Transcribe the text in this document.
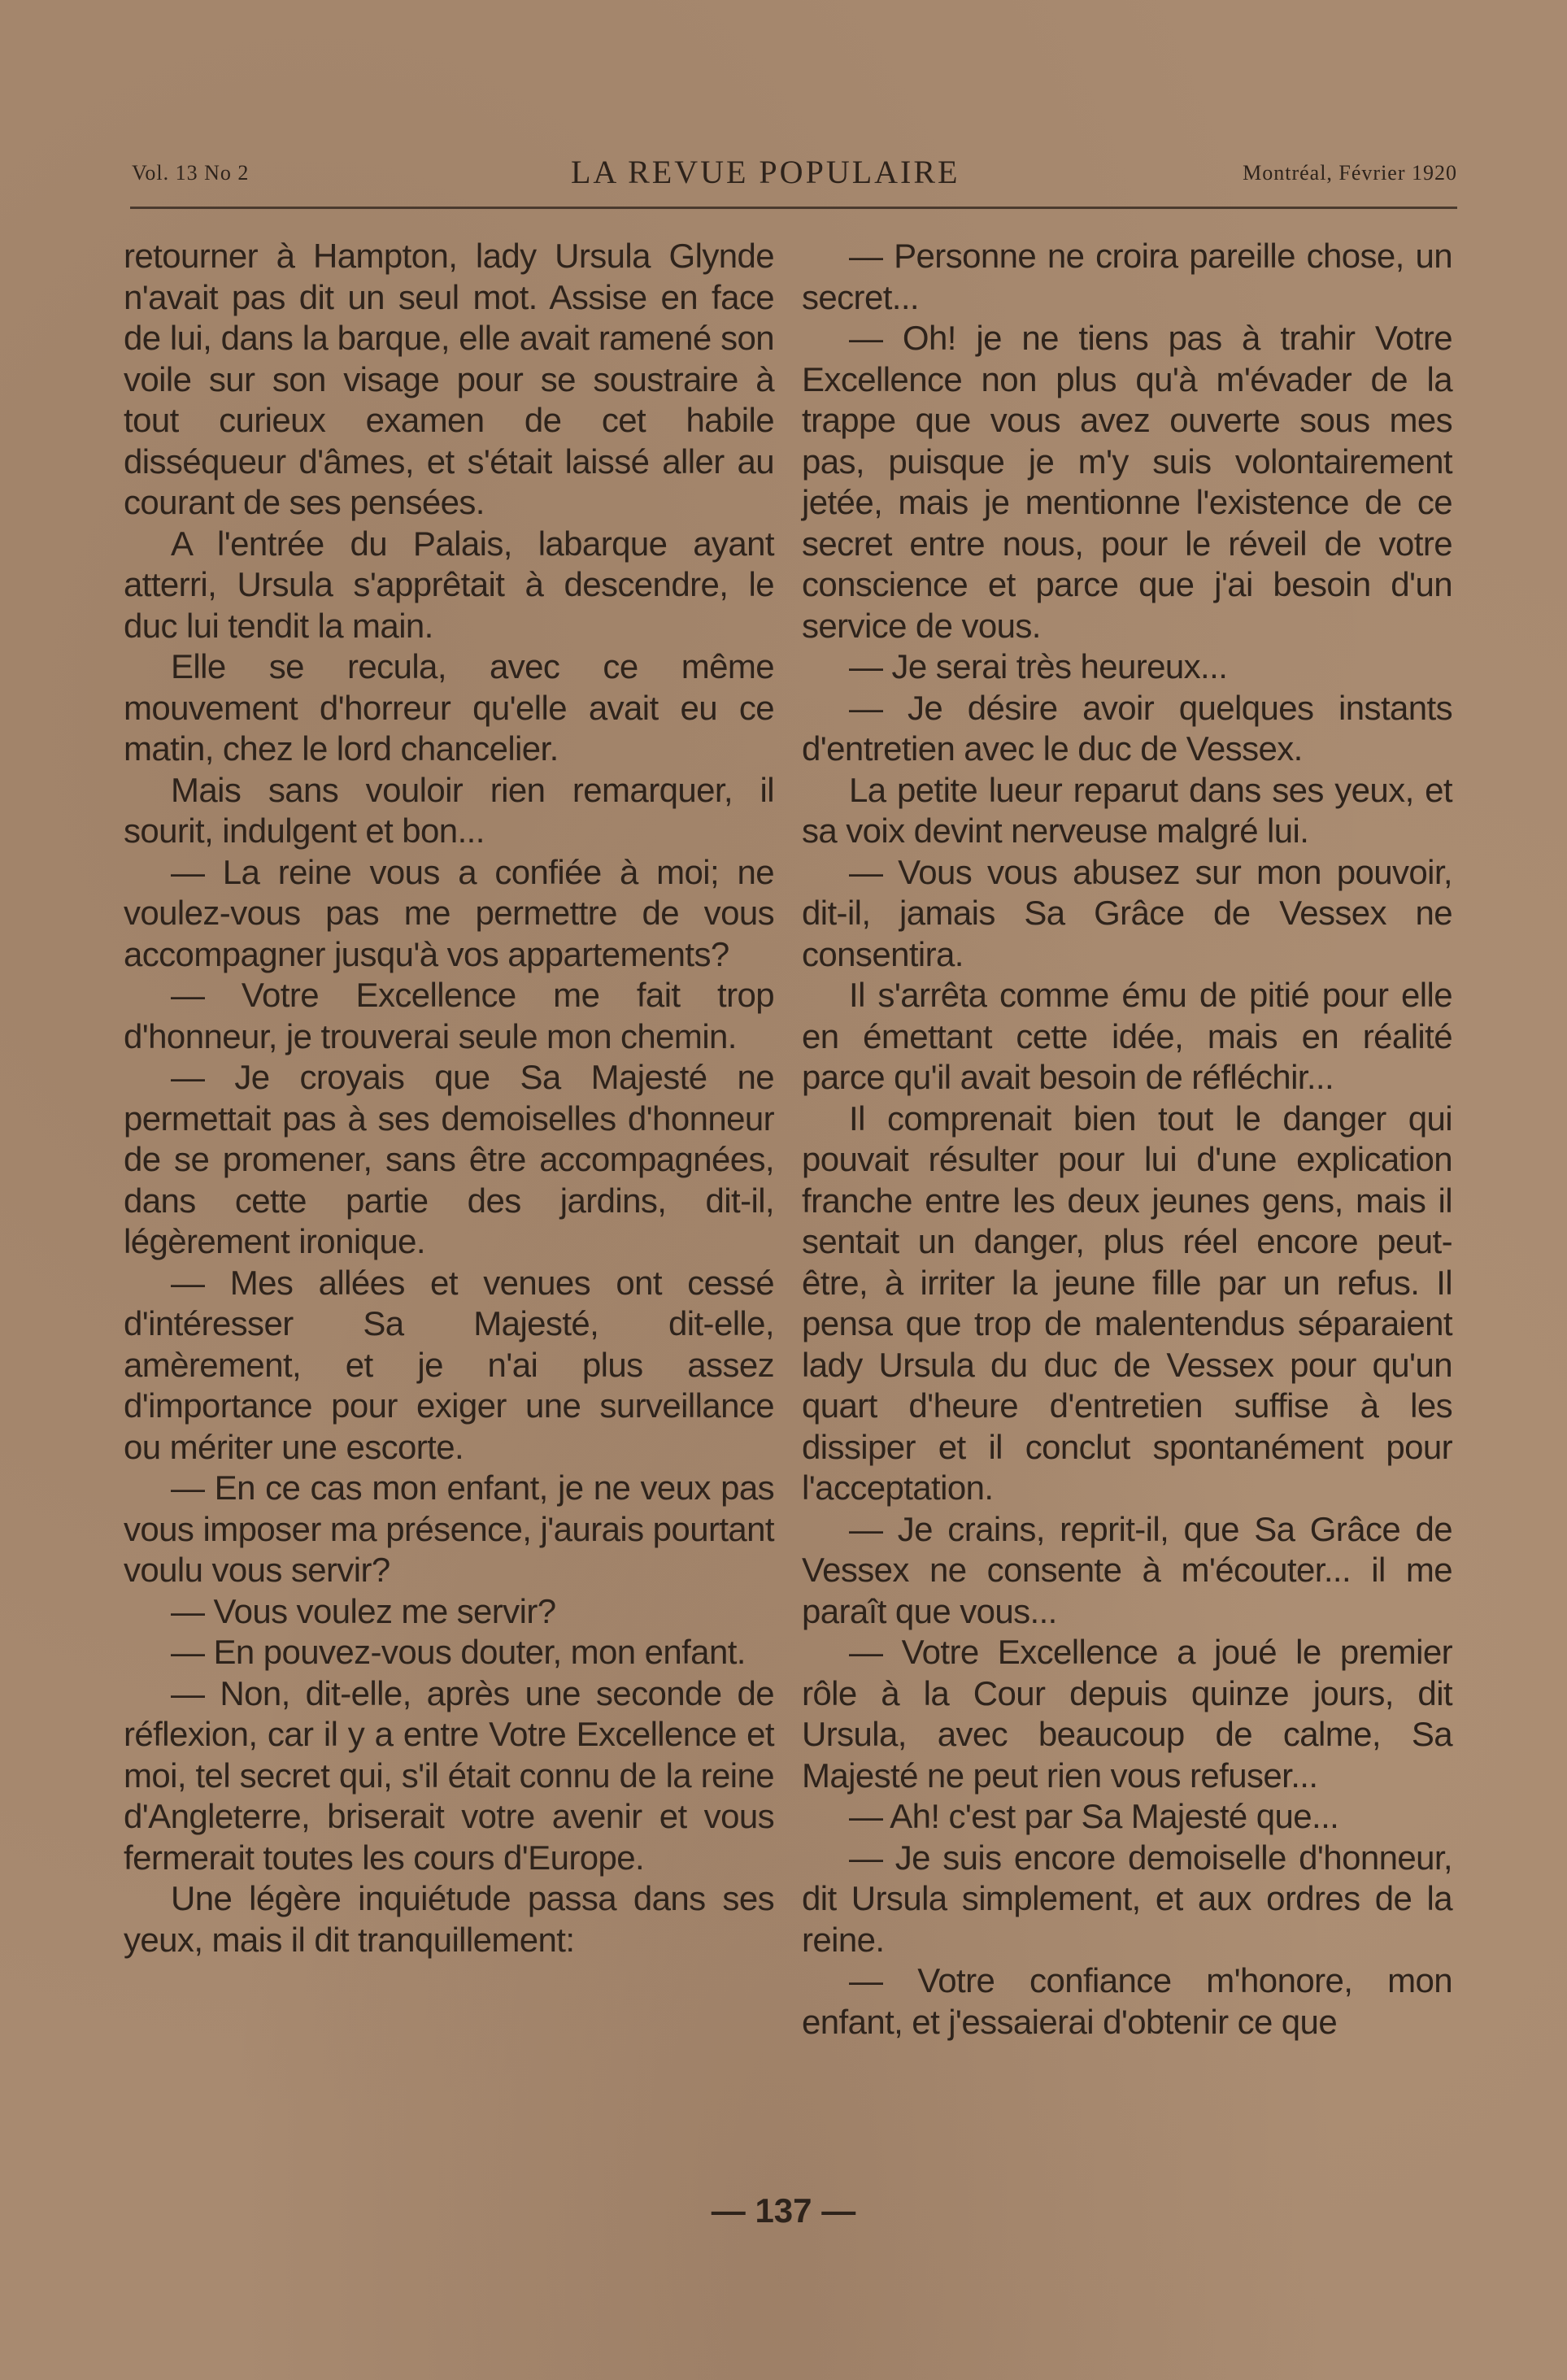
Vol. 13 No 2	LA REVUE POPULAIRE	Montréal, Février 1920

retourner à Hampton, lady Ursula Glynde n'avait pas dit un seul mot. Assise en face de lui, dans la barque, elle avait ramené son voile sur son visage pour se soustraire à tout curieux examen de cet habile disséqueur d'âmes, et s'était laissé aller au courant de ses pensées.

A l'entrée du Palais, labarque ayant atterri, Ursula s'apprêtait à descendre, le duc lui tendit la main.

Elle se recula, avec ce même mouvement d'horreur qu'elle avait eu ce matin, chez le lord chancelier.

Mais sans vouloir rien remarquer, il sourit, indulgent et bon...

— La reine vous a confiée à moi; ne voulez-vous pas me permettre de vous accompagner jusqu'à vos appartements?

— Votre Excellence me fait trop d'honneur, je trouverai seule mon chemin.

— Je croyais que Sa Majesté ne permettait pas à ses demoiselles d'honneur de se promener, sans être accompagnées, dans cette partie des jardins, dit-il, légèrement ironique.

— Mes allées et venues ont cessé d'intéresser Sa Majesté, dit-elle, amèrement, et je n'ai plus assez d'importance pour exiger une surveillance ou mériter une escorte.

— En ce cas mon enfant, je ne veux pas vous imposer ma présence, j'aurais pourtant voulu vous servir?

— Vous voulez me servir?

— En pouvez-vous douter, mon enfant.

— Non, dit-elle, après une seconde de réflexion, car il y a entre Votre Excellence et moi, tel secret qui, s'il était connu de la reine d'Angleterre, briserait votre avenir et vous fermerait toutes les cours d'Europe.

Une légère inquiétude passa dans ses yeux, mais il dit tranquillement:

— Personne ne croira pareille chose, un secret...

— Oh! je ne tiens pas à trahir Votre Excellence non plus qu'à m'évader de la trappe que vous avez ouverte sous mes pas, puisque je m'y suis volontairement jetée, mais je mentionne l'existence de ce secret entre nous, pour le réveil de votre conscience et parce que j'ai besoin d'un service de vous.

— Je serai très heureux...

— Je désire avoir quelques instants d'entretien avec le duc de Vessex.

La petite lueur reparut dans ses yeux, et sa voix devint nerveuse malgré lui.

— Vous vous abusez sur mon pouvoir, dit-il, jamais Sa Grâce de Vessex ne consentira.

Il s'arrêta comme ému de pitié pour elle en émettant cette idée, mais en réalité parce qu'il avait besoin de réfléchir...

Il comprenait bien tout le danger qui pouvait résulter pour lui d'une explication franche entre les deux jeunes gens, mais il sentait un danger, plus réel encore peut-être, à irriter la jeune fille par un refus. Il pensa que trop de malentendus séparaient lady Ursula du duc de Vessex pour qu'un quart d'heure d'entretien suffise à les dissiper et il conclut spontanément pour l'acceptation.

— Je crains, reprit-il, que Sa Grâce de Vessex ne consente à m'écouter... il me paraît que vous...

— Votre Excellence a joué le premier rôle à la Cour depuis quinze jours, dit Ursula, avec beaucoup de calme, Sa Majesté ne peut rien vous refuser...

— Ah! c'est par Sa Majesté que...

— Je suis encore demoiselle d'honneur, dit Ursula simplement, et aux ordres de la reine.

— Votre confiance m'honore, mon enfant, et j'essaierai d'obtenir ce que

— 137 —
